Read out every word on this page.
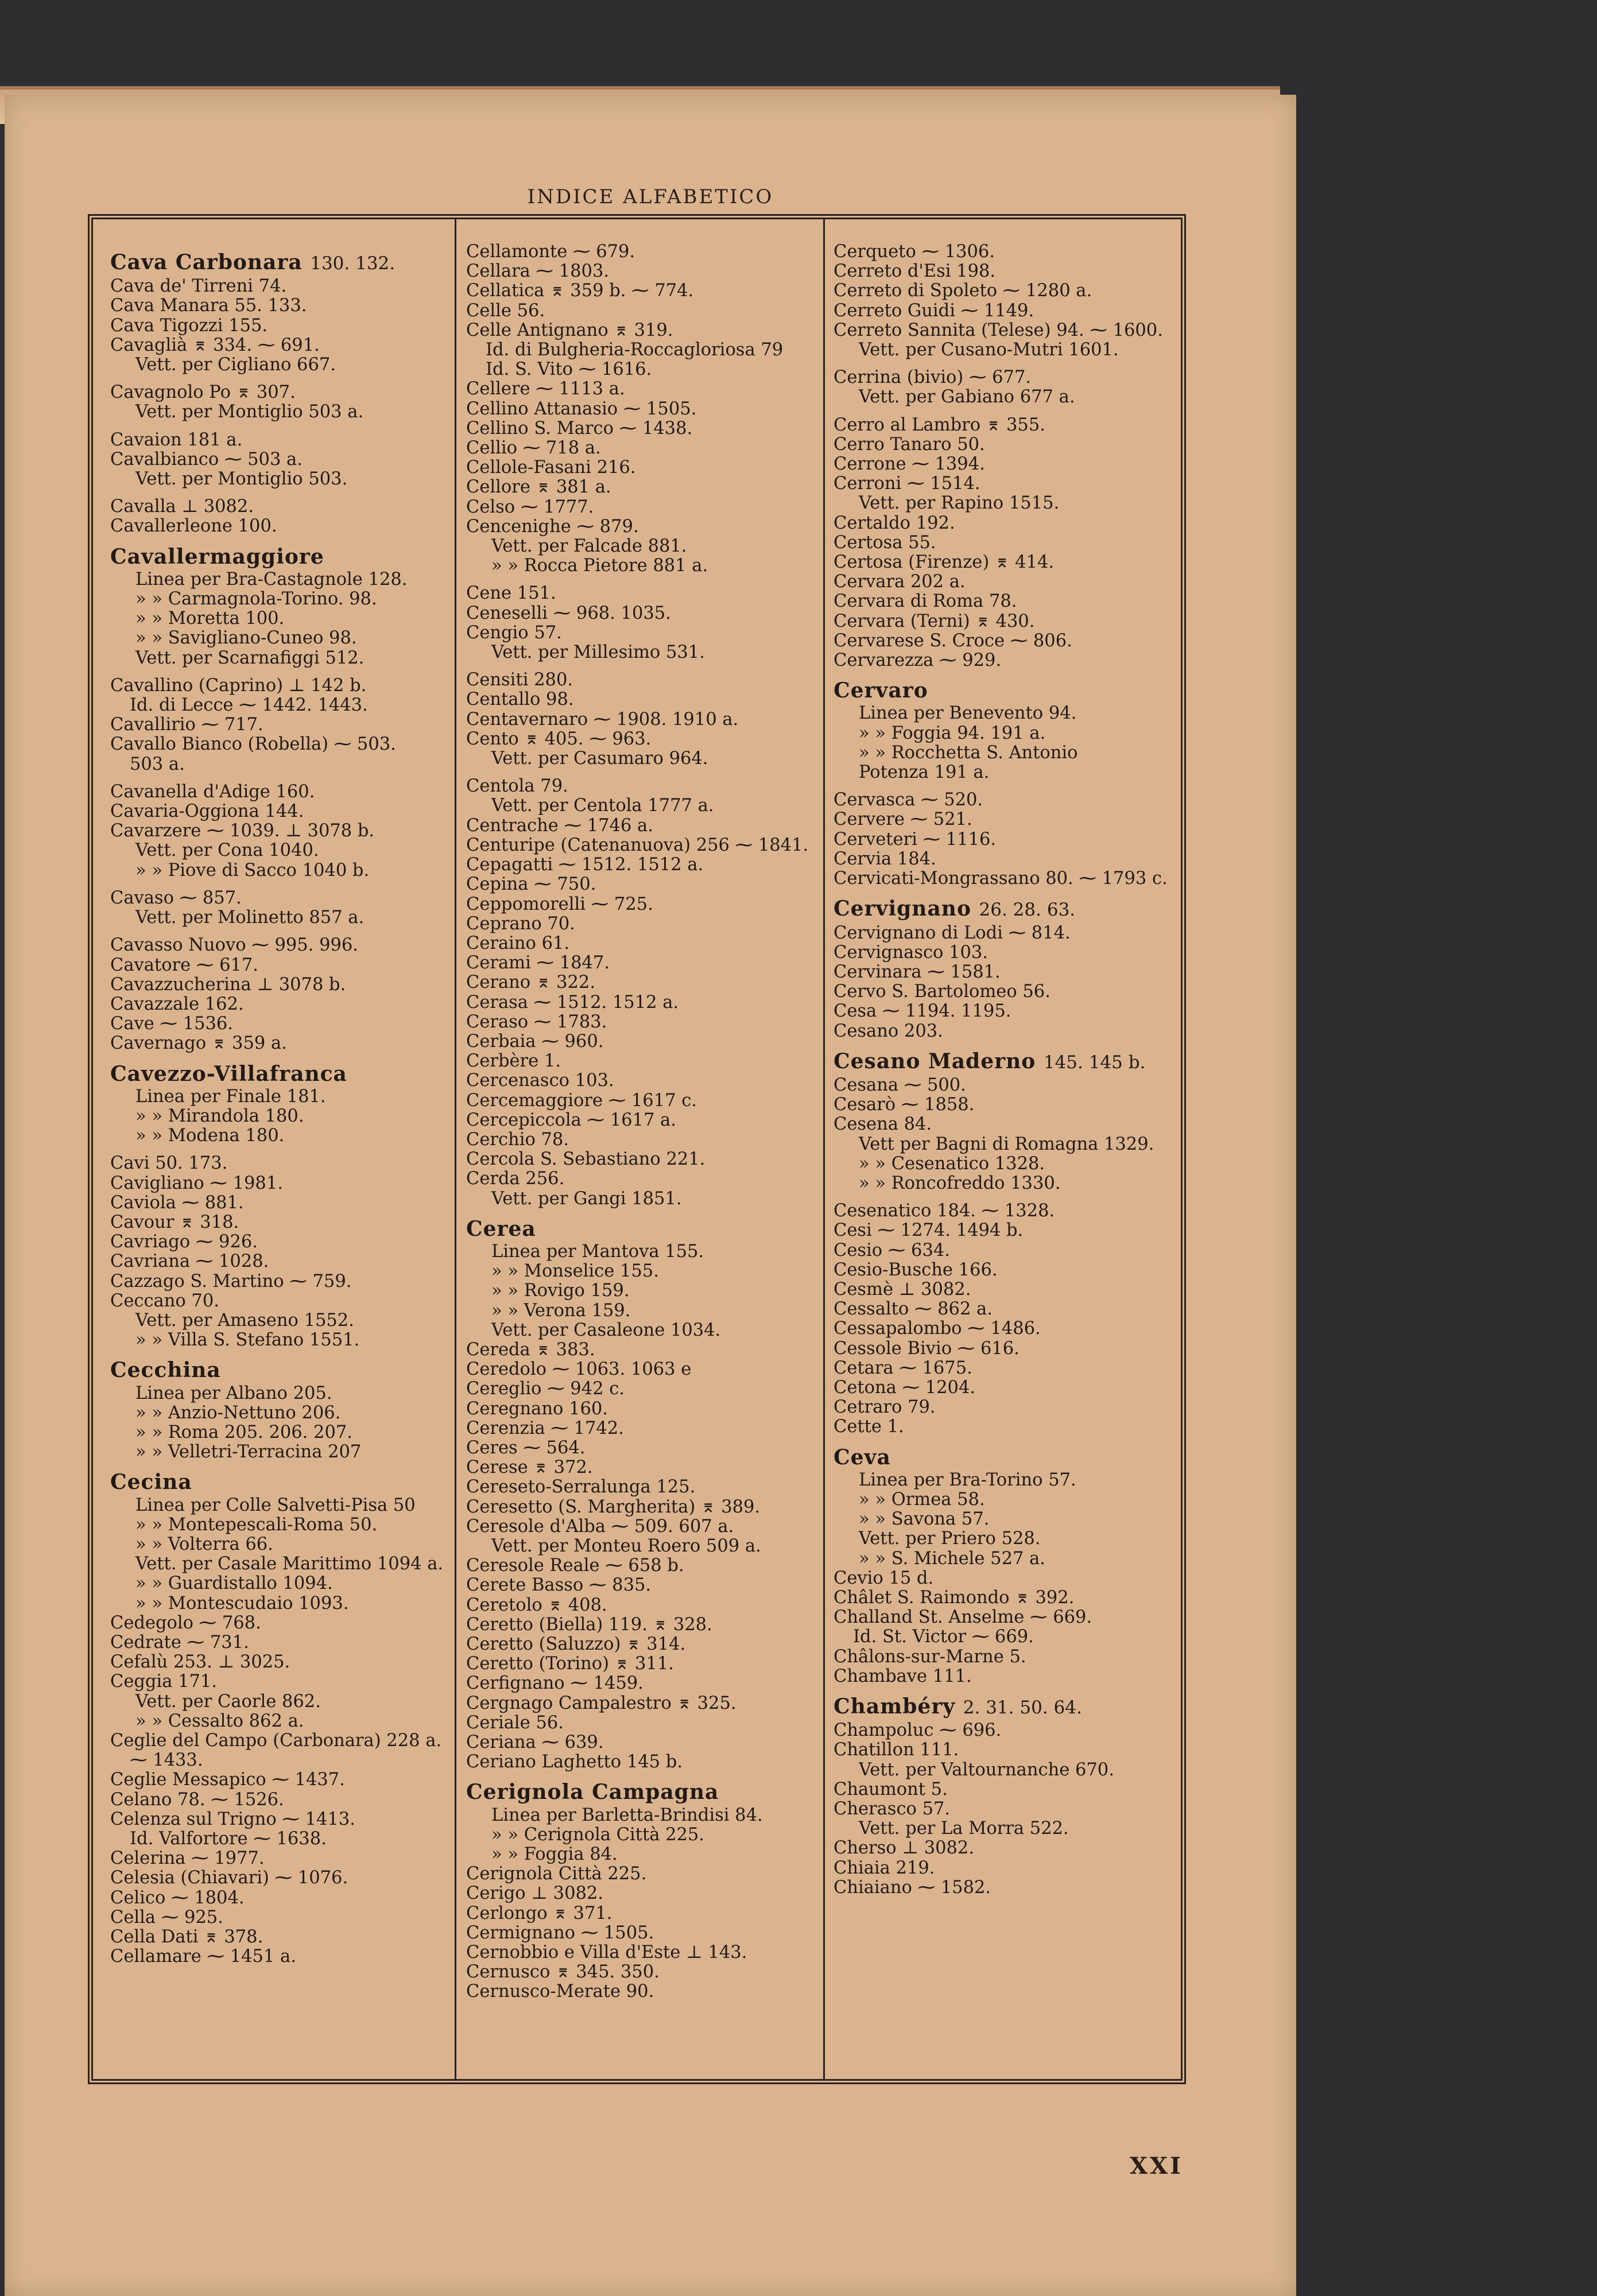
INDICE ALFABETICO
Cava Carbonara 130. 132.
Cava de' Tirreni 74.
Cava Manara 55. 133.
Cava Tigozzi 155.
Cavaglià ⌆ 334. ⁓ 691.
Vett. per Cigliano 667.
Cavagnolo Po ⌆ 307.
Vett. per Montiglio 503 a.
Cavaion 181 a.
Cavalbianco ⁓ 503 a.
Vett. per Montiglio 503.
Cavalla ⊥ 3082.
Cavallerleone 100.
Cavallermaggiore
Linea per Bra-Castagnole 128.
» » Carmagnola-Torino. 98.
» » Moretta 100.
» » Savigliano-Cuneo 98.
Vett. per Scarnafiggi 512.
Cavallino (Caprino) ⊥ 142 b.
Id. di Lecce ⁓ 1442. 1443.
Cavallirio ⁓ 717.
Cavallo Bianco (Robella) ⁓ 503.
503 a.
Cavanella d'Adige 160.
Cavaria-Oggiona 144.
Cavarzere ⁓ 1039. ⊥ 3078 b.
Vett. per Cona 1040.
» » Piove di Sacco 1040 b.
Cavaso ⁓ 857.
Vett. per Molinetto 857 a.
Cavasso Nuovo ⁓ 995. 996.
Cavatore ⁓ 617.
Cavazzucherina ⊥ 3078 b.
Cavazzale 162.
Cave ⁓ 1536.
Cavernago ⌆ 359 a.
Cavezzo-Villafranca
Linea per Finale 181.
» » Mirandola 180.
» » Modena 180.
Cavi 50. 173.
Cavigliano ⁓ 1981.
Caviola ⁓ 881.
Cavour ⌆ 318.
Cavriago ⁓ 926.
Cavriana ⁓ 1028.
Cazzago S. Martino ⁓ 759.
Ceccano 70.
Vett. per Amaseno 1552.
» » Villa S. Stefano 1551.
Cecchina
Linea per Albano 205.
» » Anzio-Nettuno 206.
» » Roma 205. 206. 207.
» » Velletri-Terracina 207
Cecina
Linea per Colle Salvetti-Pisa 50
» » Montepescali-Roma 50.
» » Volterra 66.
Vett. per Casale Marittimo 1094 a.
» » Guardistallo 1094.
» » Montescudaio 1093.
Cedegolo ⁓ 768.
Cedrate ⁓ 731.
Cefalù 253. ⊥ 3025.
Ceggia 171.
Vett. per Caorle 862.
» » Cessalto 862 a.
Ceglie del Campo (Carbonara) 228 a.
⁓ 1433.
Ceglie Messapico ⁓ 1437.
Celano 78. ⁓ 1526.
Celenza sul Trigno ⁓ 1413.
Id. Valfortore ⁓ 1638.
Celerina ⁓ 1977.
Celesia (Chiavari) ⁓ 1076.
Celico ⁓ 1804.
Cella ⁓ 925.
Cella Dati ⌆ 378.
Cellamare ⁓ 1451 a.
Cellamonte ⁓ 679.
Cellara ⁓ 1803.
Cellatica ⌆ 359 b. ⁓ 774.
Celle 56.
Celle Antignano ⌆ 319.
Id. di Bulgheria-Roccagloriosa 79
Id. S. Vito ⁓ 1616.
Cellere ⁓ 1113 a.
Cellino Attanasio ⁓ 1505.
Cellino S. Marco ⁓ 1438.
Cellio ⁓ 718 a.
Cellole-Fasani 216.
Cellore ⌆ 381 a.
Celso ⁓ 1777.
Cencenighe ⁓ 879.
Vett. per Falcade 881.
» » Rocca Pietore 881 a.
Cene 151.
Ceneselli ⁓ 968. 1035.
Cengio 57.
Vett. per Millesimo 531.
Censiti 280.
Centallo 98.
Centavernaro ⁓ 1908. 1910 a.
Cento ⌆ 405. ⁓ 963.
Vett. per Casumaro 964.
Centola 79.
Vett. per Centola 1777 a.
Centrache ⁓ 1746 a.
Centuripe (Catenanuova) 256 ⁓ 1841.
Cepagatti ⁓ 1512. 1512 a.
Cepina ⁓ 750.
Ceppomorelli ⁓ 725.
Ceprano 70.
Ceraino 61.
Cerami ⁓ 1847.
Cerano ⌆ 322.
Cerasa ⁓ 1512. 1512 a.
Ceraso ⁓ 1783.
Cerbaia ⁓ 960.
Cerbère 1.
Cercenasco 103.
Cercemaggiore ⁓ 1617 c.
Cercepiccola ⁓ 1617 a.
Cerchio 78.
Cercola S. Sebastiano 221.
Cerda 256.
Vett. per Gangi 1851.
Cerea
Linea per Mantova 155.
» » Monselice 155.
» » Rovigo 159.
» » Verona 159.
Vett. per Casaleone 1034.
Cereda ⌆ 383.
Ceredolo ⁓ 1063. 1063 e
Cereglio ⁓ 942 c.
Ceregnano 160.
Cerenzia ⁓ 1742.
Ceres ⁓ 564.
Cerese ⌆ 372.
Cereseto-Serralunga 125.
Ceresetto (S. Margherita) ⌆ 389.
Ceresole d'Alba ⁓ 509. 607 a.
Vett. per Monteu Roero 509 a.
Ceresole Reale ⁓ 658 b.
Cerete Basso ⁓ 835.
Ceretolo ⌆ 408.
Ceretto (Biella) 119. ⌆ 328.
Ceretto (Saluzzo) ⌆ 314.
Ceretto (Torino) ⌆ 311.
Cerfignano ⁓ 1459.
Cergnago Campalestro ⌆ 325.
Ceriale 56.
Ceriana ⁓ 639.
Ceriano Laghetto 145 b.
Cerignola Campagna
Linea per Barletta-Brindisi 84.
» » Cerignola Città 225.
» » Foggia 84.
Cerignola Città 225.
Cerigo ⊥ 3082.
Cerlongo ⌆ 371.
Cermignano ⁓ 1505.
Cernobbio e Villa d'Este ⊥ 143.
Cernusco ⌆ 345. 350.
Cernusco-Merate 90.
Cerqueto ⁓ 1306.
Cerreto d'Esi 198.
Cerreto di Spoleto ⁓ 1280 a.
Cerreto Guidi ⁓ 1149.
Cerreto Sannita (Telese) 94. ⁓ 1600.
Vett. per Cusano-Mutri 1601.
Cerrina (bivio) ⁓ 677.
Vett. per Gabiano 677 a.
Cerro al Lambro ⌆ 355.
Cerro Tanaro 50.
Cerrone ⁓ 1394.
Cerroni ⁓ 1514.
Vett. per Rapino 1515.
Certaldo 192.
Certosa 55.
Certosa (Firenze) ⌆ 414.
Cervara 202 a.
Cervara di Roma 78.
Cervara (Terni) ⌆ 430.
Cervarese S. Croce ⁓ 806.
Cervarezza ⁓ 929.
Cervaro
Linea per Benevento 94.
» » Foggia 94. 191 a.
» » Rocchetta S. Antonio
Potenza 191 a.
Cervasca ⁓ 520.
Cervere ⁓ 521.
Cerveteri ⁓ 1116.
Cervia 184.
Cervicati-Mongrassano 80. ⁓ 1793 c.
Cervignano 26. 28. 63.
Cervignano di Lodi ⁓ 814.
Cervignasco 103.
Cervinara ⁓ 1581.
Cervo S. Bartolomeo 56.
Cesa ⁓ 1194. 1195.
Cesano 203.
Cesano Maderno 145. 145 b.
Cesana ⁓ 500.
Cesarò ⁓ 1858.
Cesena 84.
Vett per Bagni di Romagna 1329.
» » Cesenatico 1328.
» » Roncofreddo 1330.
Cesenatico 184. ⁓ 1328.
Cesi ⁓ 1274. 1494 b.
Cesio ⁓ 634.
Cesio-Busche 166.
Cesmè ⊥ 3082.
Cessalto ⁓ 862 a.
Cessapalombo ⁓ 1486.
Cessole Bivio ⁓ 616.
Cetara ⁓ 1675.
Cetona ⁓ 1204.
Cetraro 79.
Cette 1.
Ceva
Linea per Bra-Torino 57.
» » Ormea 58.
» » Savona 57.
Vett. per Priero 528.
» » S. Michele 527 a.
Cevio 15 d.
Châlet S. Raimondo ⌆ 392.
Challand St. Anselme ⁓ 669.
Id. St. Victor ⁓ 669.
Châlons-sur-Marne 5.
Chambave 111.
Chambéry 2. 31. 50. 64.
Champoluc ⁓ 696.
Chatillon 111.
Vett. per Valtournanche 670.
Chaumont 5.
Cherasco 57.
Vett. per La Morra 522.
Cherso ⊥ 3082.
Chiaia 219.
Chiaiano ⁓ 1582.
XXI
